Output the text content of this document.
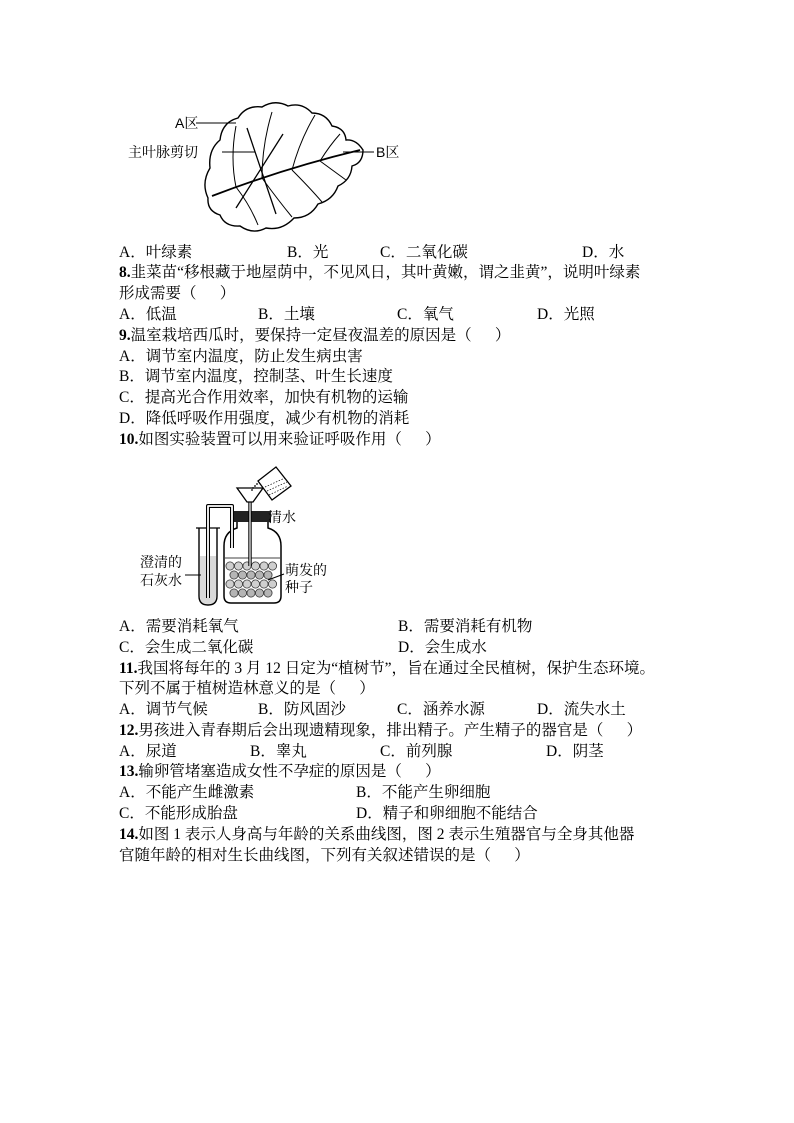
A区
主叶脉剪切	B区
A．叶绿素	B．光	C．二氧化碳	D．水
8.韭菜苗“移根藏于地屋荫中，不见风日，其叶黄嫩，谓之韭黄”，说明叶绿素
形成需要（      ）
A．低温	B．土壤	C．氧气	D．光照
9.温室栽培西瓜时，要保持一定昼夜温差的原因是（      ）
A．调节室内温度，防止发生病虫害
B．调节室内温度，控制茎、叶生长速度
C．提高光合作用效率，加快有机物的运输
D．降低呼吸作用强度，减少有机物的消耗
10.如图实验装置可以用来验证呼吸作用（      ）
清水
澄清的
石灰水
萌发的
种子
A．需要消耗氧气	B．需要消耗有机物
C．会生成二氧化碳	D．会生成水
11.我国将每年的 3 月 12 日定为“植树节”，旨在通过全民植树，保护生态环境。
下列不属于植树造林意义的是（      ）
A．调节气候	B．防风固沙	C．涵养水源	D．流失水土
12.男孩进入青春期后会出现遗精现象，排出精子。产生精子的器官是（      ）
A．尿道	B．睾丸	C．前列腺	D．阴茎
13.输卵管堵塞造成女性不孕症的原因是（      ）
A．不能产生雌激素	B．不能产生卵细胞
C．不能形成胎盘	D．精子和卵细胞不能结合
14.如图 1 表示人身高与年龄的关系曲线图，图 2 表示生殖器官与全身其他器
官随年龄的相对生长曲线图，下列有关叙述错误的是（      ）
